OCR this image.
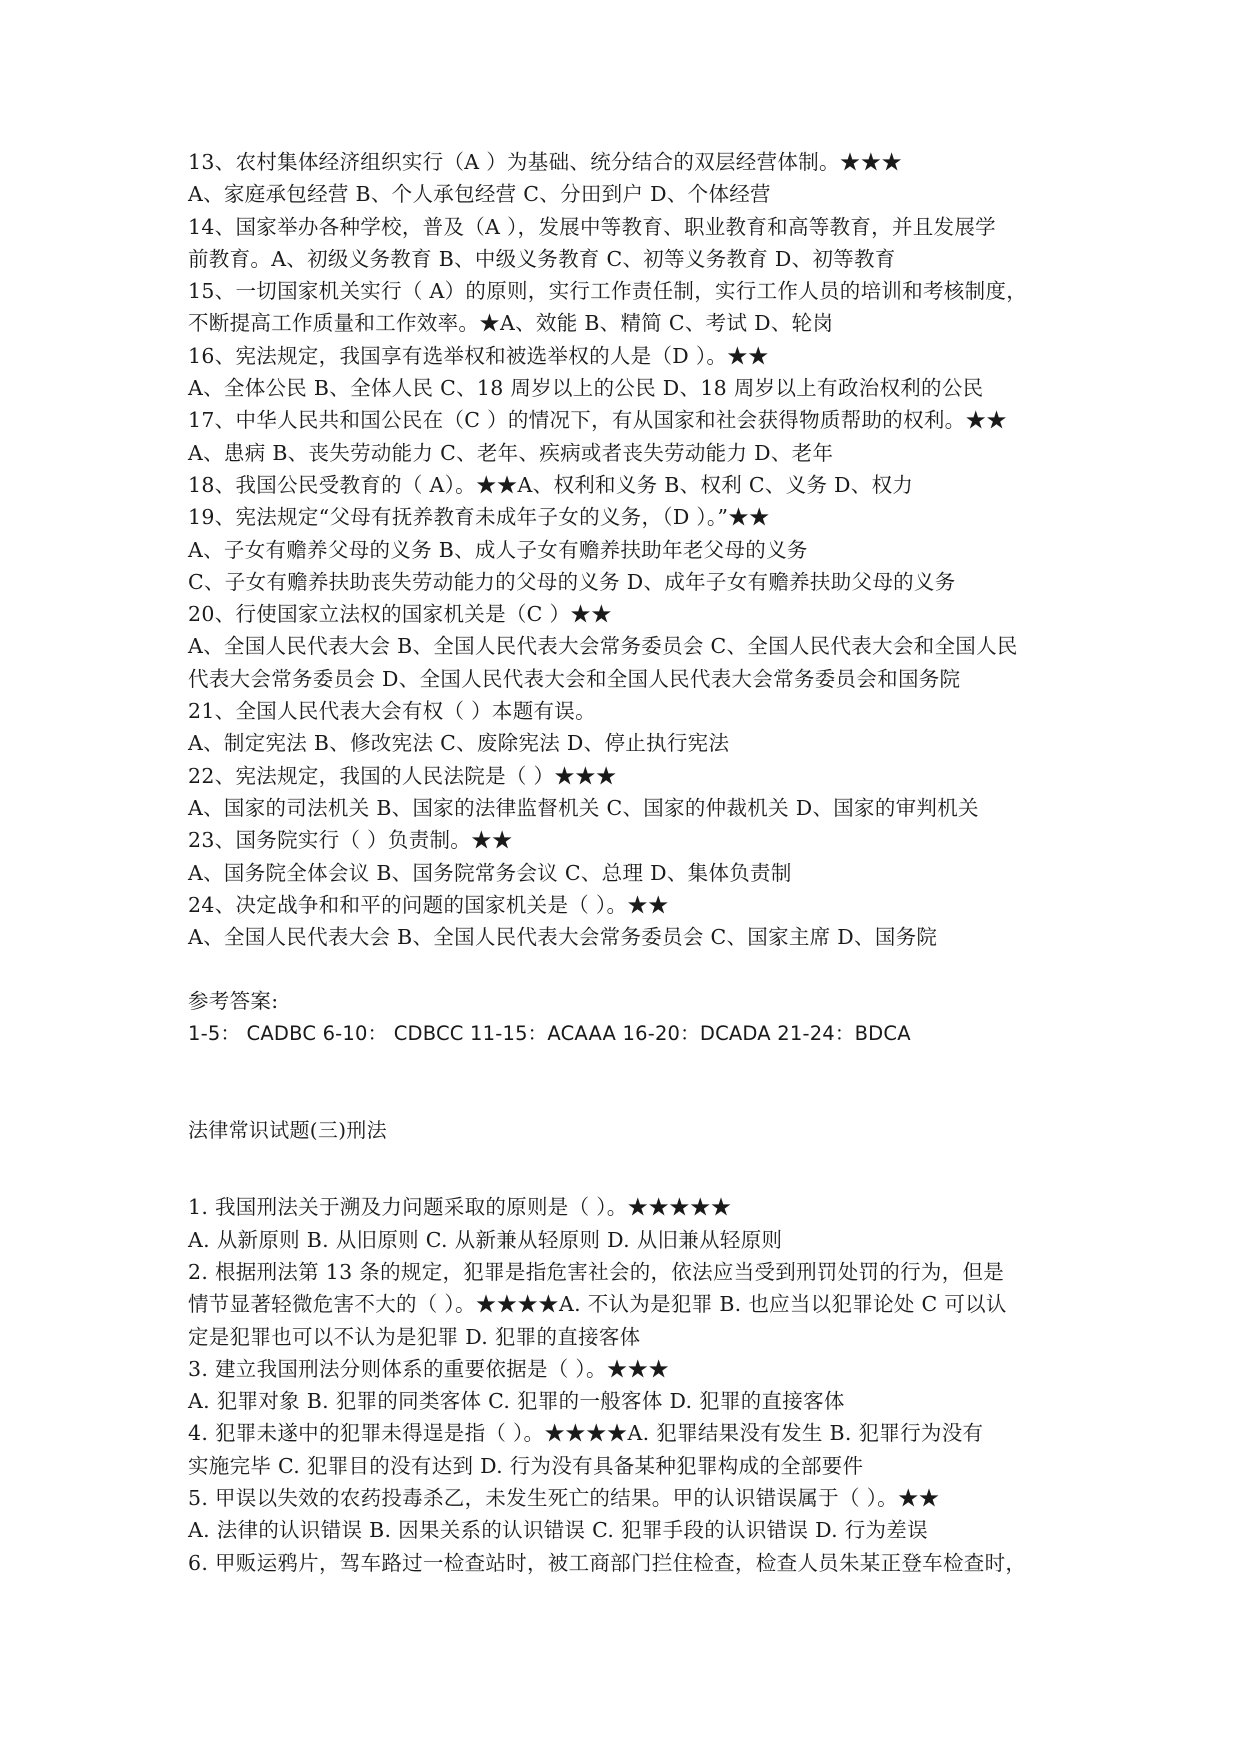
13、农村集体经济组织实行（A ）为基础、统分结合的双层经营体制。★★★
A、家庭承包经营 B、个人承包经营 C、分田到户 D、个体经营
14、国家举办各种学校，普及（A ），发展中等教育、职业教育和高等教育，并且发展学
前教育。A、初级义务教育 B、中级义务教育 C、初等义务教育 D、初等教育
15、一切国家机关实行（ A）的原则，实行工作责任制，实行工作人员的培训和考核制度，
不断提高工作质量和工作效率。★A、效能 B、精简 C、考试 D、轮岗
16、宪法规定，我国享有选举权和被选举权的人是（D ）。★★
A、全体公民 B、全体人民 C、18 周岁以上的公民 D、18 周岁以上有政治权利的公民
17、中华人民共和国公民在（C ）的情况下，有从国家和社会获得物质帮助的权利。★★
A、患病 B、丧失劳动能力 C、老年、疾病或者丧失劳动能力 D、老年
18、我国公民受教育的（ A）。★★A、权利和义务 B、权利 C、义务 D、权力
19、宪法规定“父母有抚养教育未成年子女的义务，（D ）。”★★
A、子女有赡养父母的义务 B、成人子女有赡养扶助年老父母的义务
C、子女有赡养扶助丧失劳动能力的父母的义务 D、成年子女有赡养扶助父母的义务
20、行使国家立法权的国家机关是（C ）★★
A、全国人民代表大会 B、全国人民代表大会常务委员会 C、全国人民代表大会和全国人民
代表大会常务委员会 D、全国人民代表大会和全国人民代表大会常务委员会和国务院
21、全国人民代表大会有权（ ）本题有误。
A、制定宪法 B、修改宪法 C、废除宪法 D、停止执行宪法
22、宪法规定，我国的人民法院是（ ）★★★
A、国家的司法机关 B、国家的法律监督机关 C、国家的仲裁机关 D、国家的审判机关
23、国务院实行（ ）负责制。★★
A、国务院全体会议 B、国务院常务会议 C、总理 D、集体负责制
24、决定战争和和平的问题的国家机关是（ ）。★★
A、全国人民代表大会 B、全国人民代表大会常务委员会 C、国家主席 D、国务院
参考答案:
1-5： CADBC 6-10： CDBCC 11-15：ACAAA 16-20：DCADA 21-24：BDCA
法律常识试题(三)刑法
1. 我国刑法关于溯及力问题采取的原则是（ ）。★★★★★
A. 从新原则 B. 从旧原则 C. 从新兼从轻原则 D. 从旧兼从轻原则
2. 根据刑法第 13 条的规定，犯罪是指危害社会的，依法应当受到刑罚处罚的行为，但是
情节显著轻微危害不大的（ ）。★★★★A. 不认为是犯罪 B. 也应当以犯罪论处 C 可以认
定是犯罪也可以不认为是犯罪 D. 犯罪的直接客体
3. 建立我国刑法分则体系的重要依据是（ ）。★★★
A. 犯罪对象 B. 犯罪的同类客体 C. 犯罪的一般客体 D. 犯罪的直接客体
4. 犯罪未遂中的犯罪未得逞是指（ ）。★★★★A. 犯罪结果没有发生 B. 犯罪行为没有
实施完毕 C. 犯罪目的没有达到 D. 行为没有具备某种犯罪构成的全部要件
5. 甲误以失效的农药投毒杀乙，未发生死亡的结果。甲的认识错误属于（ ）。★★
A. 法律的认识错误 B. 因果关系的认识错误 C. 犯罪手段的认识错误 D. 行为差误
6. 甲贩运鸦片，驾车路过一检查站时，被工商部门拦住检查，检查人员朱某正登车检查时，
